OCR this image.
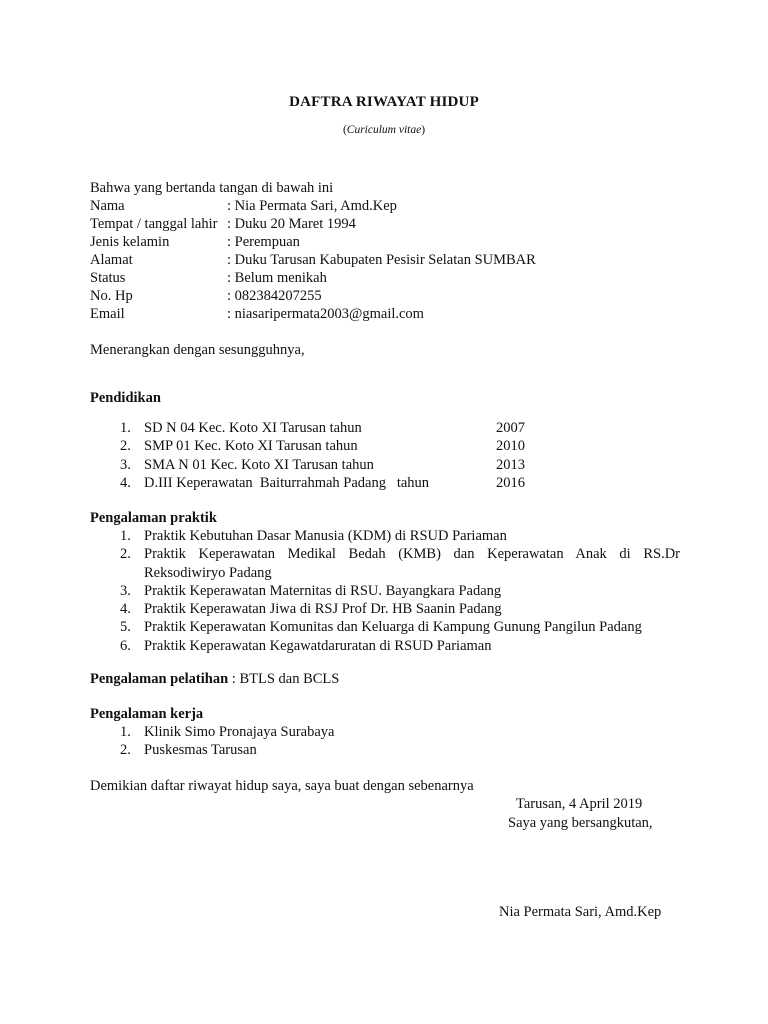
DAFTRA RIWAYAT HIDUP
(Curiculum vitae)
Bahwa yang bertanda tangan di bawah ini
Nama	: Nia Permata Sari, Amd.Kep
Tempat / tanggal lahir : Duku 20 Maret 1994
Jenis kelamin	: Perempuan
Alamat	: Duku Tarusan Kabupaten Pesisir Selatan SUMBAR
Status	: Belum menikah
No. Hp	: 082384207255
Email	: niasaripermata2003@gmail.com
Menerangkan dengan sesungguhnya,
Pendidikan
1. SD N 04 Kec. Koto XI Tarusan tahun	2007
2. SMP 01 Kec. Koto XI Tarusan tahun	2010
3. SMA N 01 Kec. Koto XI Tarusan tahun	2013
4. D.III Keperawatan  Baiturrahmah Padang   tahun	2016
Pengalaman praktik
1. Praktik Kebutuhan Dasar Manusia (KDM) di RSUD Pariaman
2. Praktik Keperawatan Medikal Bedah (KMB) dan Keperawatan Anak di RS.Dr Reksodiwiryo Padang
3. Praktik Keperawatan Maternitas di RSU. Bayangkara Padang
4. Praktik Keperawatan Jiwa di RSJ Prof Dr. HB Saanin Padang
5. Praktik Keperawatan Komunitas dan Keluarga di Kampung Gunung Pangilun Padang
6. Praktik Keperawatan Kegawatdaruratan di RSUD Pariaman
Pengalaman pelatihan : BTLS dan BCLS
Pengalaman kerja
1. Klinik Simo Pronajaya Surabaya
2. Puskesmas Tarusan
Demikian daftar riwayat hidup saya, saya buat dengan sebenarnya
Tarusan, 4 April 2019
Saya yang bersangkutan,
Nia Permata Sari, Amd.Kep
